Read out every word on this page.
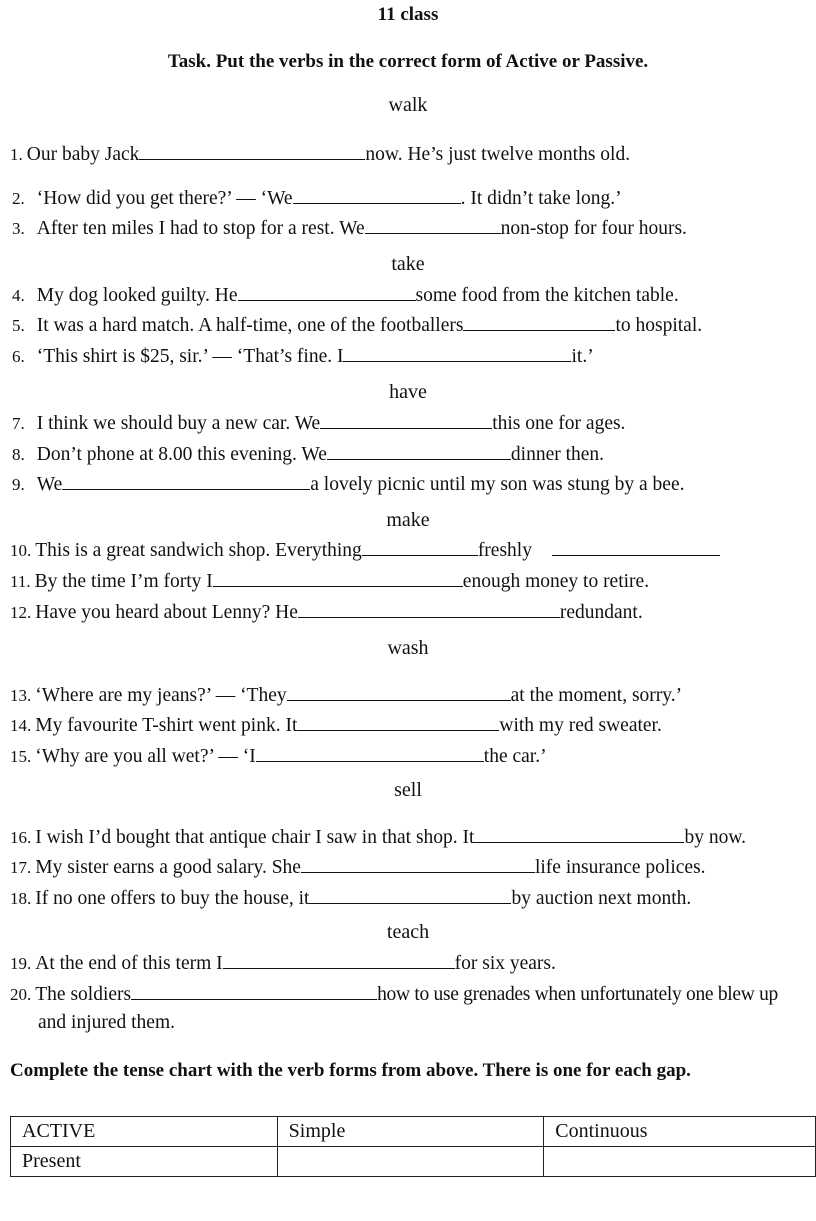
11 class
Task. Put the verbs in the correct form of Active or Passive.
walk
take
have
make
wash
sell
teach
1. Our baby Jack	now. He’s just twelve months old.
2. ‘How did you get there?’ — ‘We	. It didn’t take long.’
3. After ten miles I had to stop for a rest. We	non-stop for four hours.
4. My dog looked guilty. He	some food from the kitchen table.
5. It was a hard match. A half-time, one of the footballers	to hospital.
6. ‘This shirt is $25, sir.’ — ‘That’s fine. I	it.’
7. I think we should buy a new car. We	this one for ages.
8. Don’t phone at 8.00 this evening. We	dinner then.
9. We	a lovely picnic until my son was stung by a bee.
10. This is a great sandwich shop. Everything	freshly
11. By the time I’m forty I	enough money to retire.
12. Have you heard about Lenny? He	redundant.
13. ‘Where are my jeans?’ — ‘They	at the moment, sorry.’
14. My favourite T-shirt went pink. It	with my red sweater.
15. ‘Why are you all wet?’ — ‘I	the car.’
16. I wish I’d bought that antique chair I saw in that shop. It	by now.
17. My sister earns a good salary. She	life insurance polices.
18. If no one offers to buy the house, it	by auction next month.
19. At the end of this term I	for six years.
20. The soldiers	how to use grenades when unfortunately one blew up
and injured them.
Complete the tense chart with the verb forms from above. There is one for each gap.
ACTIVE	Simple	Continuous
Present		
